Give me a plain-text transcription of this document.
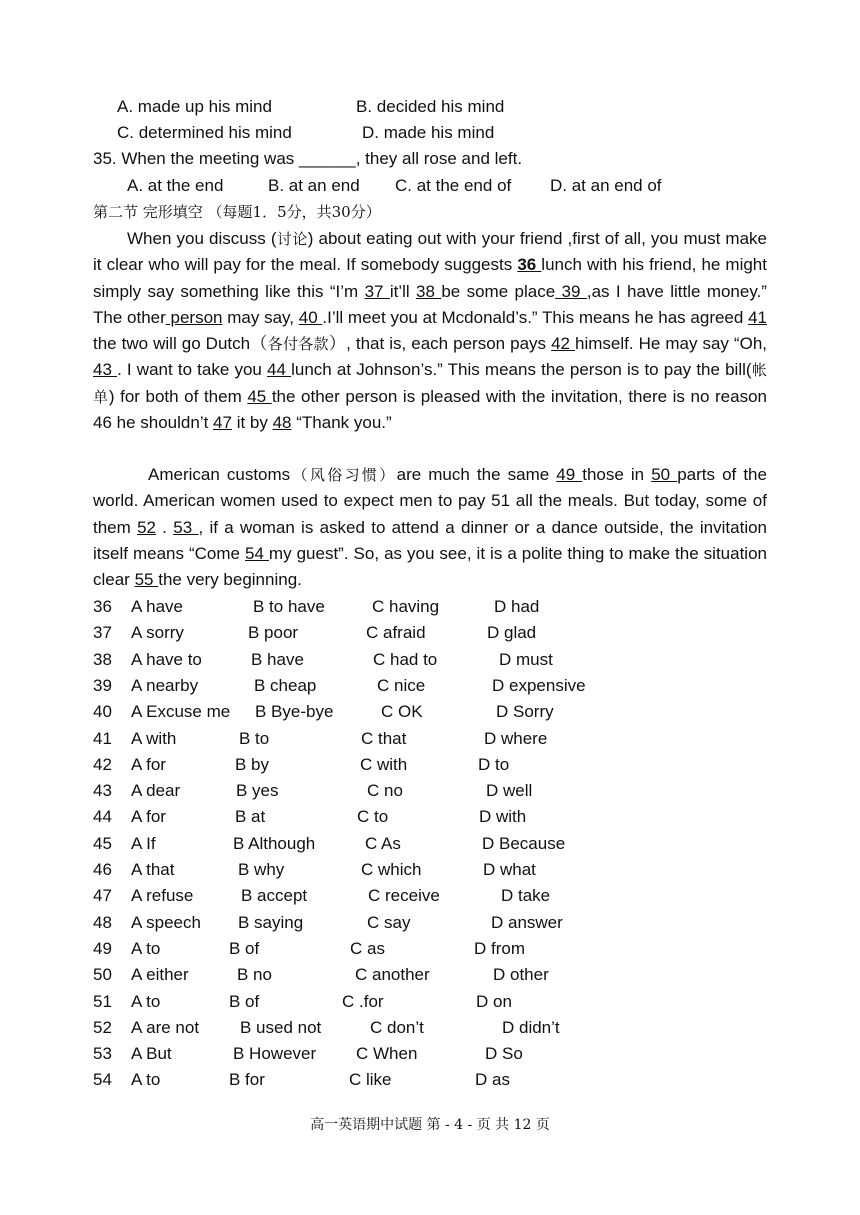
A. made up his mind	B. decided his mind
C. determined his mind	D. made his mind
35. When the meeting was ______, they all rose and left.
A. at the end	B. at an end C. at the end of D. at an end of
第二节 完形填空 （每题1．5分，共30分）
When you discuss (讨论) about eating out with your friend ,first of all, you must make it clear who will pay for the meal. If somebody suggests 36 lunch with his friend, he might simply say something like this “I’m 37 it’ll 38 be some place 39 ,as I have little money.” The other person may say, 40 .I’ll meet you at Mcdonald’s.” This means he has agreed 41 the two will go Dutch（各付各款）, that is, each person pays 42 himself. He may say “Oh, 43 . I want to take you 44 lunch at Johnson’s.” This means the person is to pay the bill(帐单) for both of them 45 the other person is pleased with the invitation, there is no reason 46 he shouldn’t 47 it by 48 “Thank you.”
American customs（风俗习惯）are much the same 49 those in 50 parts of the world. American women used to expect men to pay 51 all the meals. But today, some of them 52 . 53 , if a woman is asked to attend a dinner or a dance outside, the invitation itself means “Come 54 my guest”. So, as you see, it is a polite thing to make the situation clear 55 the very beginning.
36 A have	B to have	C having	D had
37 A sorry	B poor	C afraid	D glad
38 A have to	B have	C had to	D must
39 A nearby	B cheap	C nice	D expensive
40 A Excuse me B Bye-bye	C OK	D Sorry
41 A with	B to	C that	D where
42 A for	B by	C with	D to
43 A dear	B yes	C no	D well
44 A for	B at	C to	D with
45 A If	B Although	C As	D Because
46 A that	B why	C which	D what
47 A refuse	B accept	C receive	D take
48 A speech B saying	C say	D answer
49 A to	B of	C as	D from
50 A either	B no	C another	D other
51 A to	B of	C .for	D on
52 A are not B used not	C don’t	D didn’t
53 A But	B However C When	D So
54 A to	B for	C like	D as
高一英语期中试题 第 - 4 - 页 共 12 页
